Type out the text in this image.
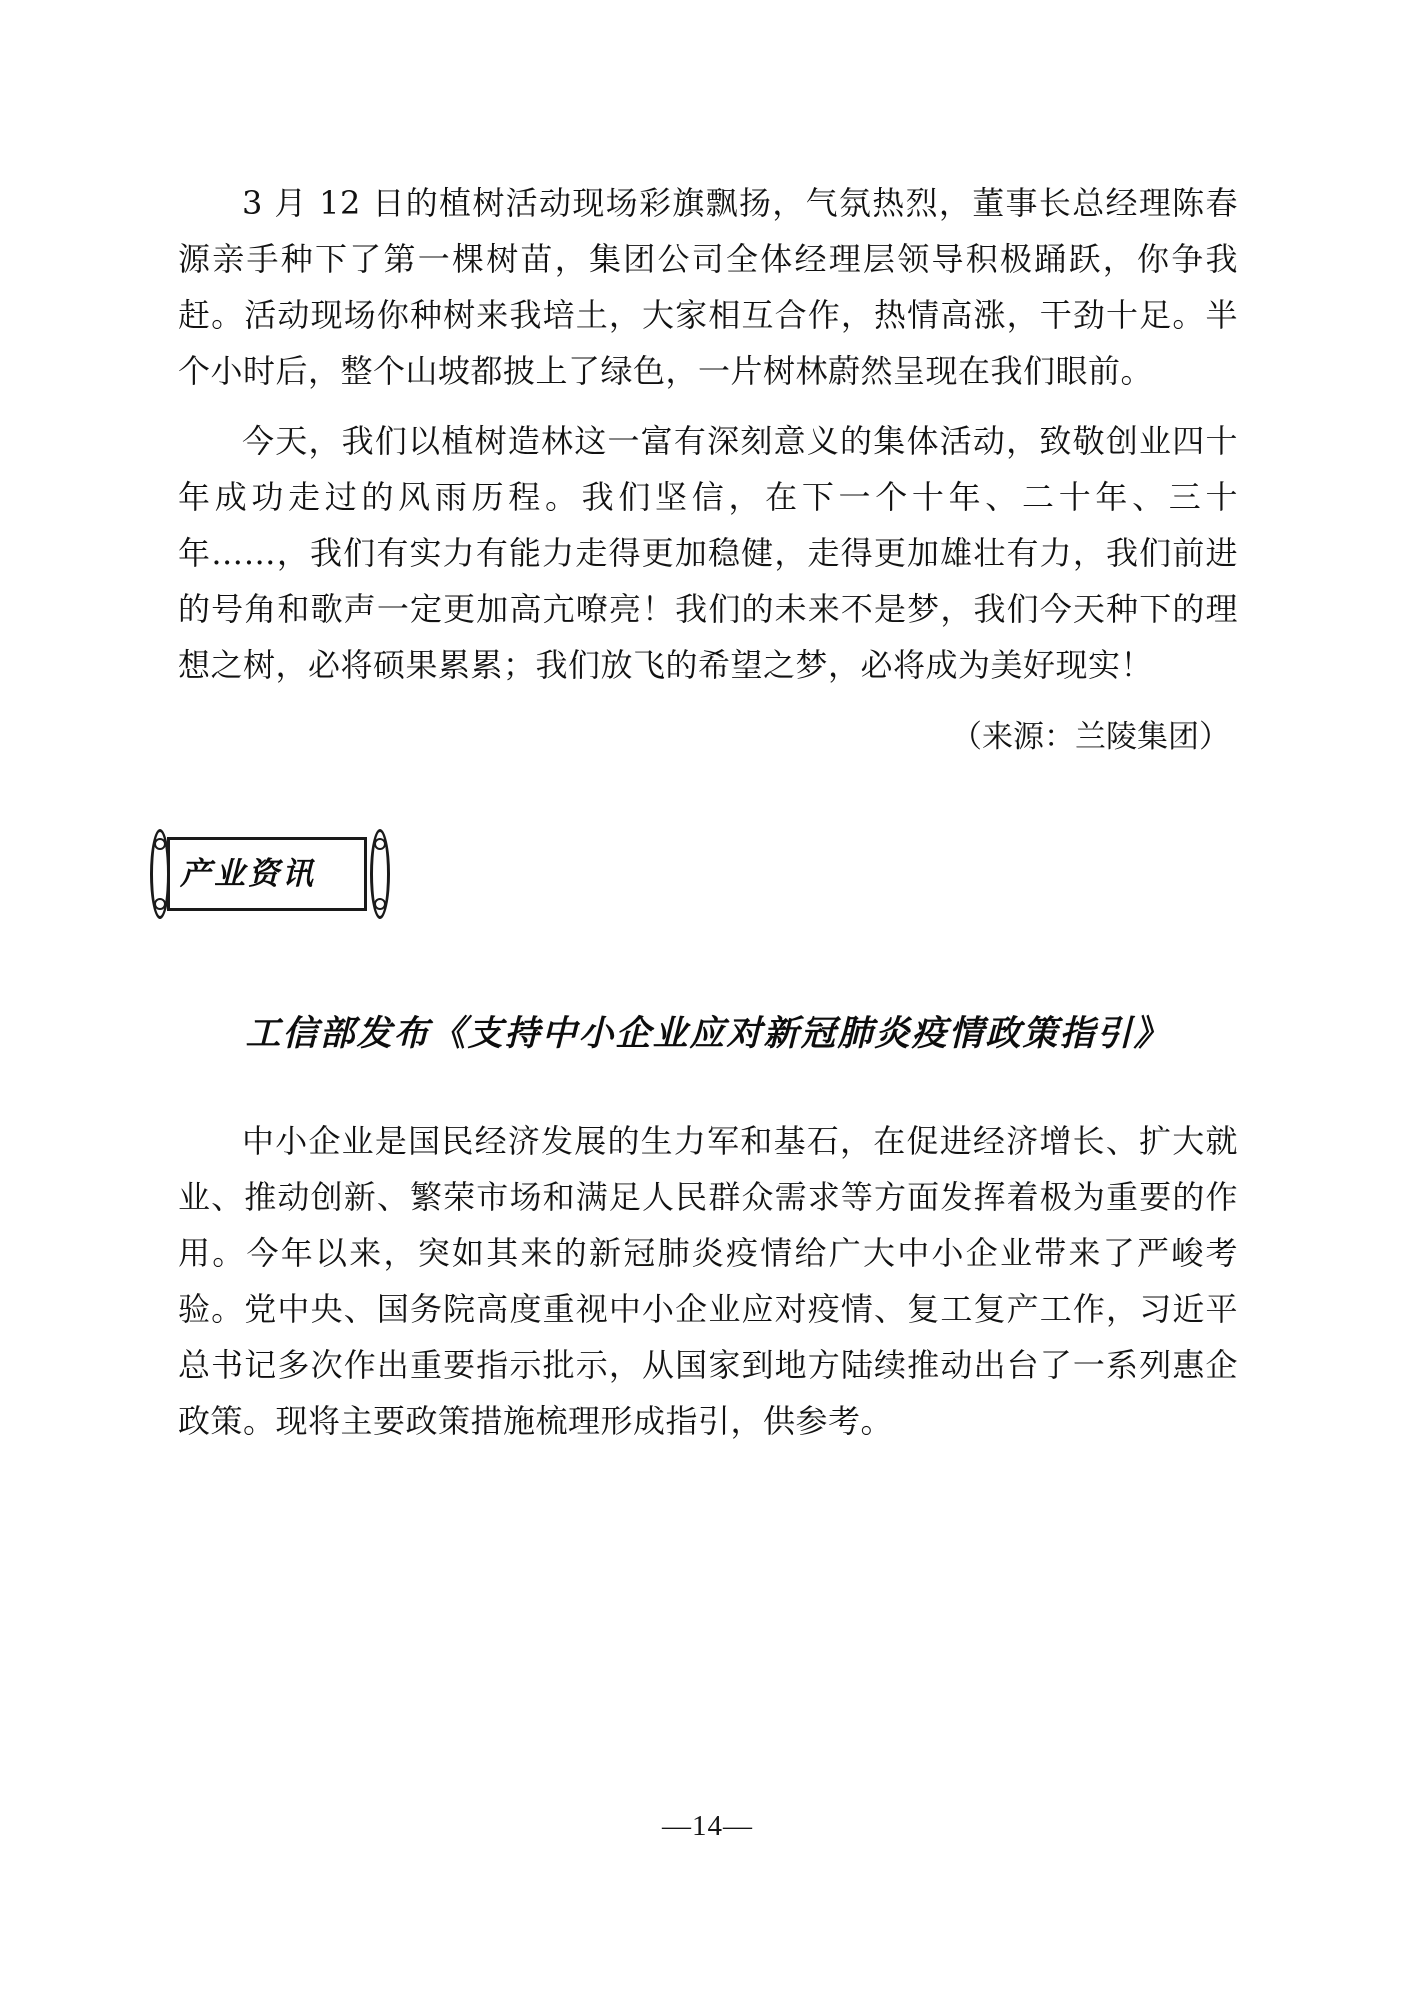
3 月 12 日的植树活动现场彩旗飘扬，气氛热烈，董事长总经理陈春源亲手种下了第一棵树苗，集团公司全体经理层领导积极踊跃，你争我赶。活动现场你种树来我培土，大家相互合作，热情高涨，干劲十足。半个小时后，整个山坡都披上了绿色，一片树林蔚然呈现在我们眼前。

今天，我们以植树造林这一富有深刻意义的集体活动，致敬创业四十年成功走过的风雨历程。我们坚信，在下一个十年、二十年、三十年……，我们有实力有能力走得更加稳健，走得更加雄壮有力，我们前进的号角和歌声一定更加高亢嘹亮！我们的未来不是梦，我们今天种下的理想之树，必将硕果累累；我们放飞的希望之梦，必将成为美好现实！

（来源：兰陵集团）
产业资讯
工信部发布《支持中小企业应对新冠肺炎疫情政策指引》

中小企业是国民经济发展的生力军和基石，在促进经济增长、扩大就业、推动创新、繁荣市场和满足人民群众需求等方面发挥着极为重要的作用。今年以来，突如其来的新冠肺炎疫情给广大中小企业带来了严峻考验。党中央、国务院高度重视中小企业应对疫情、复工复产工作，习近平总书记多次作出重要指示批示，从国家到地方陆续推动出台了一系列惠企政策。现将主要政策措施梳理形成指引，供参考。

—14—
